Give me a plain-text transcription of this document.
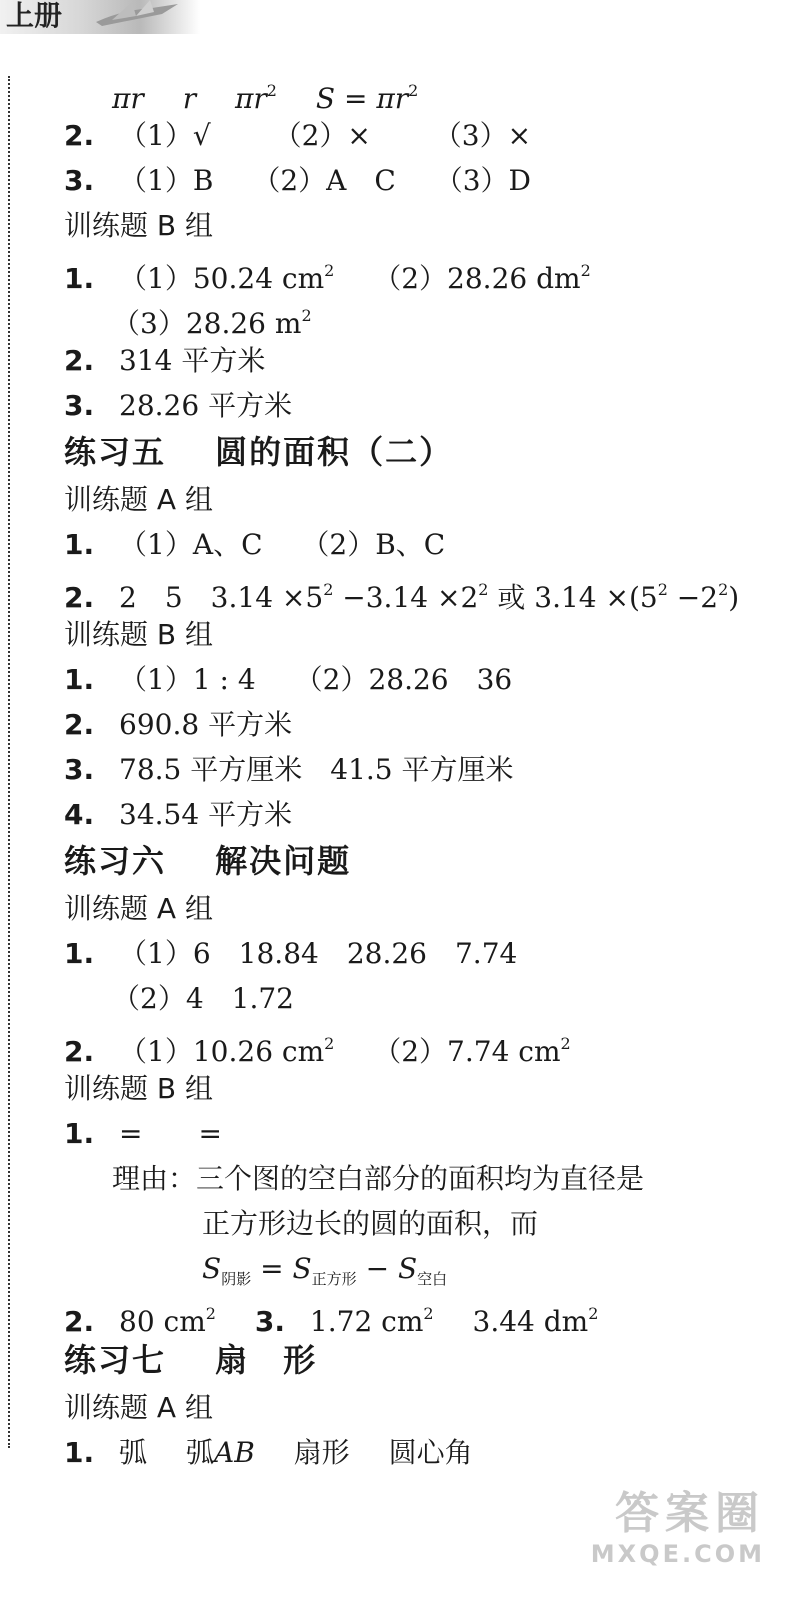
上册
πr r $\pi r^2$ $S = \pi r^2$
2. （1）√ （2）× （3）×
3. （1）B （2）A　C （3）D
训练题 B 组
1. （1）50.24 $cm^2$ （2）28.26 $dm^2$
（3）28.26 $m^2$
2. 314 平方米
3. 28.26 平方米
练习五 圆的面积（二）
训练题 A 组
1. （1）A、C （2）B、C
2. 2　5　$3.14 \times 5^2 -3.14 \times 2^2$ 或 $3.14 \times(5^2 -2^2)$
训练题 B 组
1. （1）1 : 4 （2）28.26　36
2. 690.8 平方米
3. 78.5 平方厘米　41.5 平方厘米
4. 34.54 平方米
练习六 解决问题
训练题 A 组
1. （1）6　18.84　28.26　7.74
（2）4　1.72
2. （1）10.26 $cm^2$ （2）7.74 $cm^2$
训练题 B 组
1. =　　=
理由：三个图的空白部分的面积均为直径是
正方形边长的圆的面积，而
$S_{阴影} = S_{正方形} - S_{空白}$
2. 80 $cm^2$ 3. 1.72 $cm^2$ 3.44 $dm^2$
练习七 扇　形
训练题 A 组
1. 弧 弧AB 扇形 圆心角
答案圈
MXQE.COM
